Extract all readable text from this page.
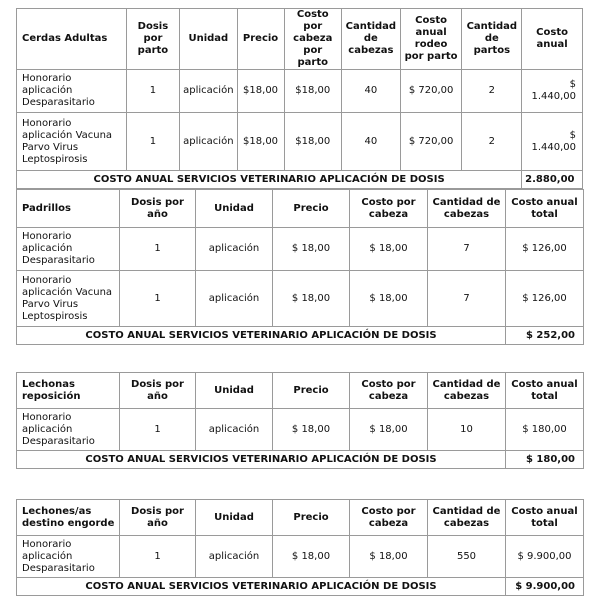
Cerdas Adultas	Dosis por parto	Unidad	Precio	Costo por cabeza por parto	Cantidad de cabezas	Costo anual rodeo por parto	Cantidad de partos	Costo anual
Honorario aplicación Desparasitario	1	aplicación	$18,00	$18,00	40	$ 720,00	2	$ 1.440,00
Honorario aplicación Vacuna Parvo Virus Leptospirosis	1	aplicación	$18,00	$18,00	40	$ 720,00	2	$ 1.440,00
COSTO ANUAL SERVICIOS VETERINARIO APLICACIÓN DE DOSIS								2.880,00
Padrillos	Dosis por año	Unidad	Precio	Costo por cabeza	Cantidad de cabezas	Costo anual total
Honorario aplicación Desparasitario	1	aplicación	$ 18,00	$ 18,00	7	$ 126,00
Honorario aplicación Vacuna Parvo Virus Leptospirosis	1	aplicación	$ 18,00	$ 18,00	7	$ 126,00
COSTO ANUAL SERVICIOS VETERINARIO APLICACIÓN DE DOSIS						$ 252,00
Lechonas reposición	Dosis por año	Unidad	Precio	Costo por cabeza	Cantidad de cabezas	Costo anual total
Honorario aplicación Desparasitario	1	aplicación	$ 18,00	$ 18,00	10	$ 180,00
COSTO ANUAL SERVICIOS VETERINARIO APLICACIÓN DE DOSIS						$ 180,00
Lechones/as destino engorde	Dosis por año	Unidad	Precio	Costo por cabeza	Cantidad de cabezas	Costo anual total
Honorario aplicación Desparasitario	1	aplicación	$ 18,00	$ 18,00	550	$ 9.900,00
COSTO ANUAL SERVICIOS VETERINARIO APLICACIÓN DE DOSIS						$ 9.900,00
